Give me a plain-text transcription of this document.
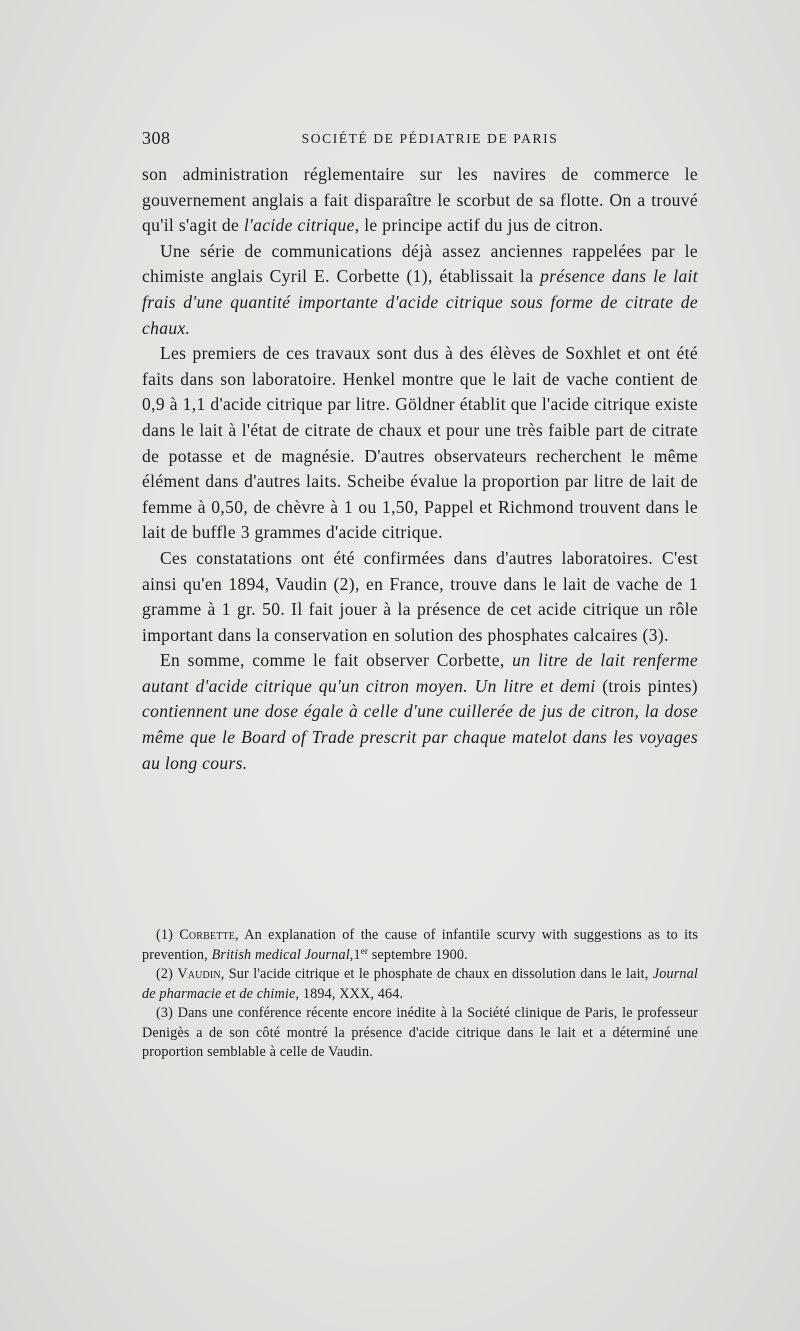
308	SOCIÉTÉ DE PÉDIATRIE DE PARIS

son administration réglementaire sur les navires de commerce le gouvernement anglais a fait disparaître le scorbut de sa flotte. On a trouvé qu'il s'agit de l'acide citrique, le principe actif du jus de citron.

Une série de communications déjà assez anciennes rappelées par le chimiste anglais Cyril E. Corbette (1), établissait la présence dans le lait frais d'une quantité importante d'acide citrique sous forme de citrate de chaux.

Les premiers de ces travaux sont dus à des élèves de Soxhlet et ont été faits dans son laboratoire. Henkel montre que le lait de vache contient de 0,9 à 1,1 d'acide citrique par litre. Göldner établit que l'acide citrique existe dans le lait à l'état de citrate de chaux et pour une très faible part de citrate de potasse et de magnésie. D'autres observateurs recherchent le même élément dans d'autres laits. Scheibe évalue la proportion par litre de lait de femme à 0,50, de chèvre à 1 ou 1,50, Pappel et Richmond trouvent dans le lait de buffle 3 grammes d'acide citrique.

Ces constatations ont été confirmées dans d'autres laboratoires. C'est ainsi qu'en 1894, Vaudin (2), en France, trouve dans le lait de vache de 1 gramme à 1 gr. 50. Il fait jouer à la présence de cet acide citrique un rôle important dans la conservation en solution des phosphates calcaires (3).

En somme, comme le fait observer Corbette, un litre de lait renferme autant d'acide citrique qu'un citron moyen. Un litre et demi (trois pintes) contiennent une dose égale à celle d'une cuillerée de jus de citron, la dose même que le Board of Trade prescrit par chaque matelot dans les voyages au long cours.

(1) Corbette, An explanation of the cause of infantile scurvy with suggestions as to its prevention, British medical Journal,1er septembre 1900.

(2) Vaudin, Sur l'acide citrique et le phosphate de chaux en dissolution dans le lait, Journal de pharmacie et de chimie, 1894, XXX, 464.

(3) Dans une conférence récente encore inédite à la Société clinique de Paris, le professeur Denigès a de son côté montré la présence d'acide citrique dans le lait et a déterminé une proportion semblable à celle de Vaudin.
